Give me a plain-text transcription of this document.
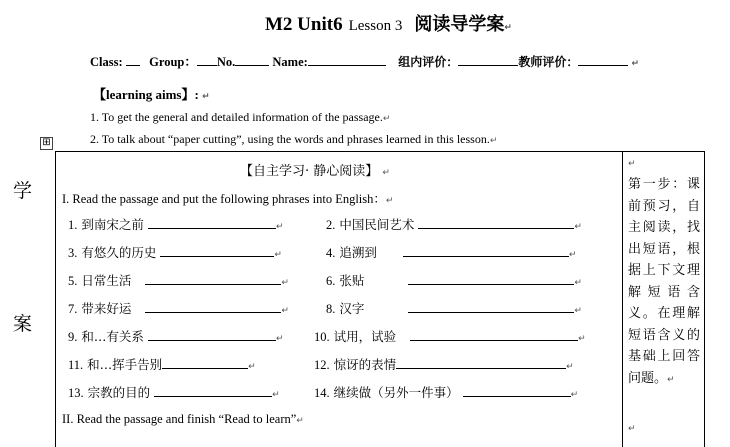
M2 Unit6 Lesson 3 阅读导学案↵
Class: Group： No.	Name:	组内评价：	教师评价：	↵
【learning aims】: ↵
1. To get the general and detailed information of the passage.↵
2. To talk about “paper cutting”, using the words and phrases learned in this lesson.↵
⊞
学
案
【自主学习· 静心阅读】 ↵
I. Read the passage and put the following phrases into English：↵
1. 到南宋之前	↵	2. 中国民间艺术	↵
3. 有悠久的历史	↵	4. 追溯到	↵
5. 日常生活	↵	6. 张贴	↵
7. 带来好运	↵	8. 汉字	↵
9. 和…有关系	↵ 10. 试用，试验	↵
11. 和…挥手告别	↵	12. 惊讶的表情	↵
13. 宗教的目的	↵	14. 继续做（另外一件事）	↵
II. Read the passage and finish “Read to learn”↵
第一步：课前预习，自主阅读，找出短语，根据上下文理解短语含义。在理解短语含义的基础上回答问题。↵
↵
↵
